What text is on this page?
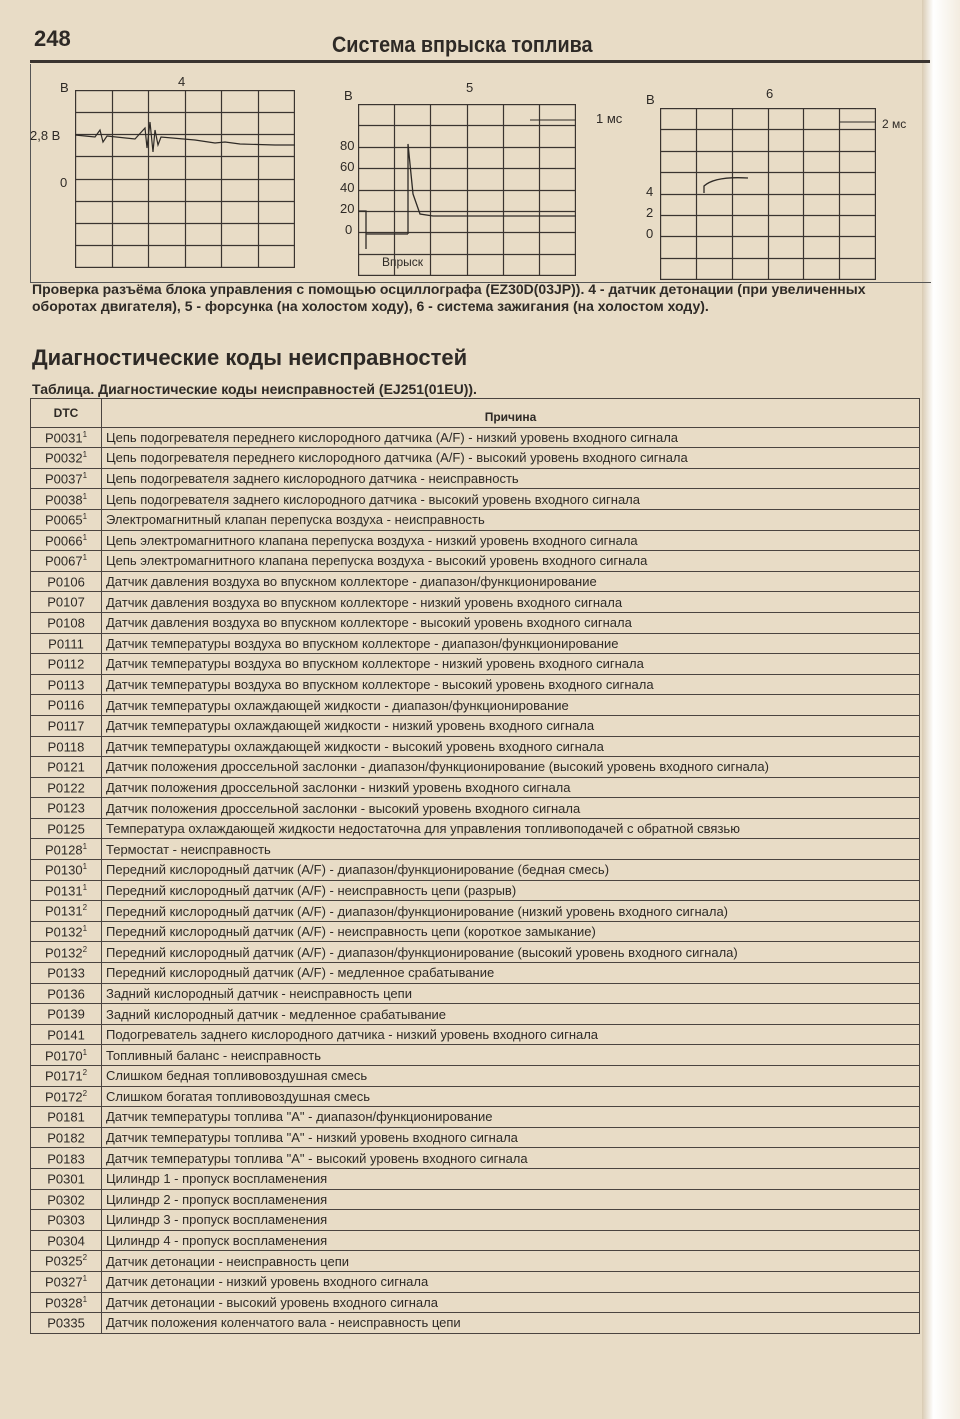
248	Система впрыска топлива
В	4
2,8 В
0
В
5
80
60
40
20
0
1 мс
Впрыск
В	6
4
2
0
2 мс
Проверка разъёма блока управления с помощью осциллографа (EZ30D(03JP)). 4 - датчик детонации (при увеличенных оборотах двигателя), 5 - форсунка (на холостом ходу), 6 - система зажигания (на холостом ходу).
Диагностические коды неисправностей
Таблица. Диагностические коды неисправностей (EJ251(01EU)).
DTC	Причина
P0031$^1$	Цепь подогревателя переднего кислородного датчика (A/F) - низкий уровень входного сигнала
P0032$^1$	Цепь подогревателя переднего кислородного датчика (A/F) - высокий уровень входного сигнала
P0037$^1$	Цепь подогревателя заднего кислородного датчика - неисправность
P0038$^1$	Цепь подогревателя заднего кислородного датчика - высокий уровень входного сигнала
P0065$^1$	Электромагнитный клапан перепуска воздуха - неисправность
P0066$^1$	Цепь электромагнитного клапана перепуска воздуха - низкий уровень входного сигнала
P0067$^1$	Цепь электромагнитного клапана перепуска воздуха - высокий уровень входного сигнала
P0106	Датчик давления воздуха во впускном коллекторе - диапазон/функционирование
P0107	Датчик давления воздуха во впускном коллекторе - низкий уровень входного сигнала
P0108	Датчик давления воздуха во впускном коллекторе - высокий уровень входного сигнала
P0111	Датчик температуры воздуха во впускном коллекторе - диапазон/функционирование
P0112	Датчик температуры воздуха во впускном коллекторе - низкий уровень входного сигнала
P0113	Датчик температуры воздуха во впускном коллекторе - высокий уровень входного сигнала
P0116	Датчик температуры охлаждающей жидкости - диапазон/функционирование
P0117	Датчик температуры охлаждающей жидкости - низкий уровень входного сигнала
P0118	Датчик температуры охлаждающей жидкости - высокий уровень входного сигнала
P0121	Датчик положения дроссельной заслонки - диапазон/функционирование (высокий уровень входного сигнала)
P0122	Датчик положения дроссельной заслонки - низкий уровень входного сигнала
P0123	Датчик положения дроссельной заслонки - высокий уровень входного сигнала
P0125	Температура охлаждающей жидкости недостаточна для управления топливоподачей с обратной связью
P0128$^1$	Термостат - неисправность
P0130$^1$	Передний кислородный датчик (A/F) - диапазон/функционирование (бедная смесь)
P0131$^1$	Передний кислородный датчик (A/F) - неисправность цепи (разрыв)
P0131$^2$	Передний кислородный датчик (A/F) - диапазон/функционирование (низкий уровень входного сигнала)
P0132$^1$	Передний кислородный датчик (A/F) - неисправность цепи (короткое замыкание)
P0132$^2$	Передний кислородный датчик (A/F) - диапазон/функционирование (высокий уровень входного сигнала)
P0133	Передний кислородный датчик (A/F) - медленное срабатывание
P0136	Задний кислородный датчик - неисправность цепи
P0139	Задний кислородный датчик - медленное срабатывание
P0141	Подогреватель заднего кислородного датчика - низкий уровень входного сигнала
P0170$^1$	Топливный баланс - неисправность
P0171$^2$	Слишком бедная топливовоздушная смесь
P0172$^2$	Слишком богатая топливовоздушная смесь
P0181	Датчик температуры топлива "A" - диапазон/функционирование
P0182	Датчик температуры топлива "A" - низкий уровень входного сигнала
P0183	Датчик температуры топлива "A" - высокий уровень входного сигнала
P0301	Цилиндр 1 - пропуск воспламенения
P0302	Цилиндр 2 - пропуск воспламенения
P0303	Цилиндр 3 - пропуск воспламенения
P0304	Цилиндр 4 - пропуск воспламенения
P0325$^2$	Датчик детонации - неисправность цепи
P0327$^1$	Датчик детонации - низкий уровень входного сигнала
P0328$^1$	Датчик детонации - высокий уровень входного сигнала
P0335	Датчик положения коленчатого вала - неисправность цепи
